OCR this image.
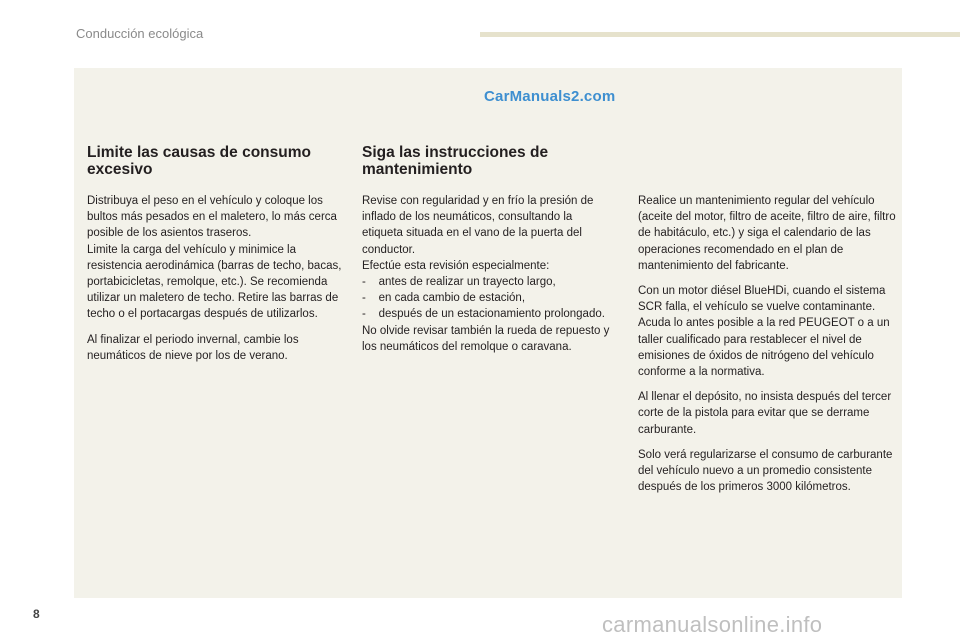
Conducción ecológica
CarManuals2.com
Limite las causas de consumo excesivo

Distribuya el peso en el vehículo y coloque los bultos más pesados en el maletero, lo más cerca posible de los asientos traseros.

Limite la carga del vehículo y minimice la resistencia aerodinámica (barras de techo, bacas, portabicicletas, remolque, etc.). Se recomienda utilizar un maletero de techo. Retire las barras de techo o el portacargas después de utilizarlos.

Al finalizar el periodo invernal, cambie los neumáticos de nieve por los de verano.

Siga las instrucciones de mantenimiento
Revise con regularidad y en frío la presión de inflado de los neumáticos, consultando la etiqueta situada en el vano de la puerta del conductor.
Efectúe esta revisión especialmente:
-    antes de realizar un trayecto largo,
-    en cada cambio de estación,
-    después de un estacionamiento prolongado.
No olvide revisar también la rueda de repuesto y los neumáticos del remolque o caravana.

Realice un mantenimiento regular del vehículo (aceite del motor, filtro de aceite, filtro de aire, filtro de habitáculo, etc.) y siga el calendario de las operaciones recomendado en el plan de mantenimiento del fabricante.

Con un motor diésel BlueHDi, cuando el sistema SCR falla, el vehículo se vuelve contaminante. Acuda lo antes posible a la red PEUGEOT o a un taller cualificado para restablecer el nivel de emisiones de óxidos de nitrógeno del vehículo conforme a la normativa.

Al llenar el depósito, no insista después del tercer corte de la pistola para evitar que se derrame carburante.

Solo verá regularizarse el consumo de carburante del vehículo nuevo a un promedio consistente después de los primeros 3000 kilómetros.

8	carmanualsonline.info
